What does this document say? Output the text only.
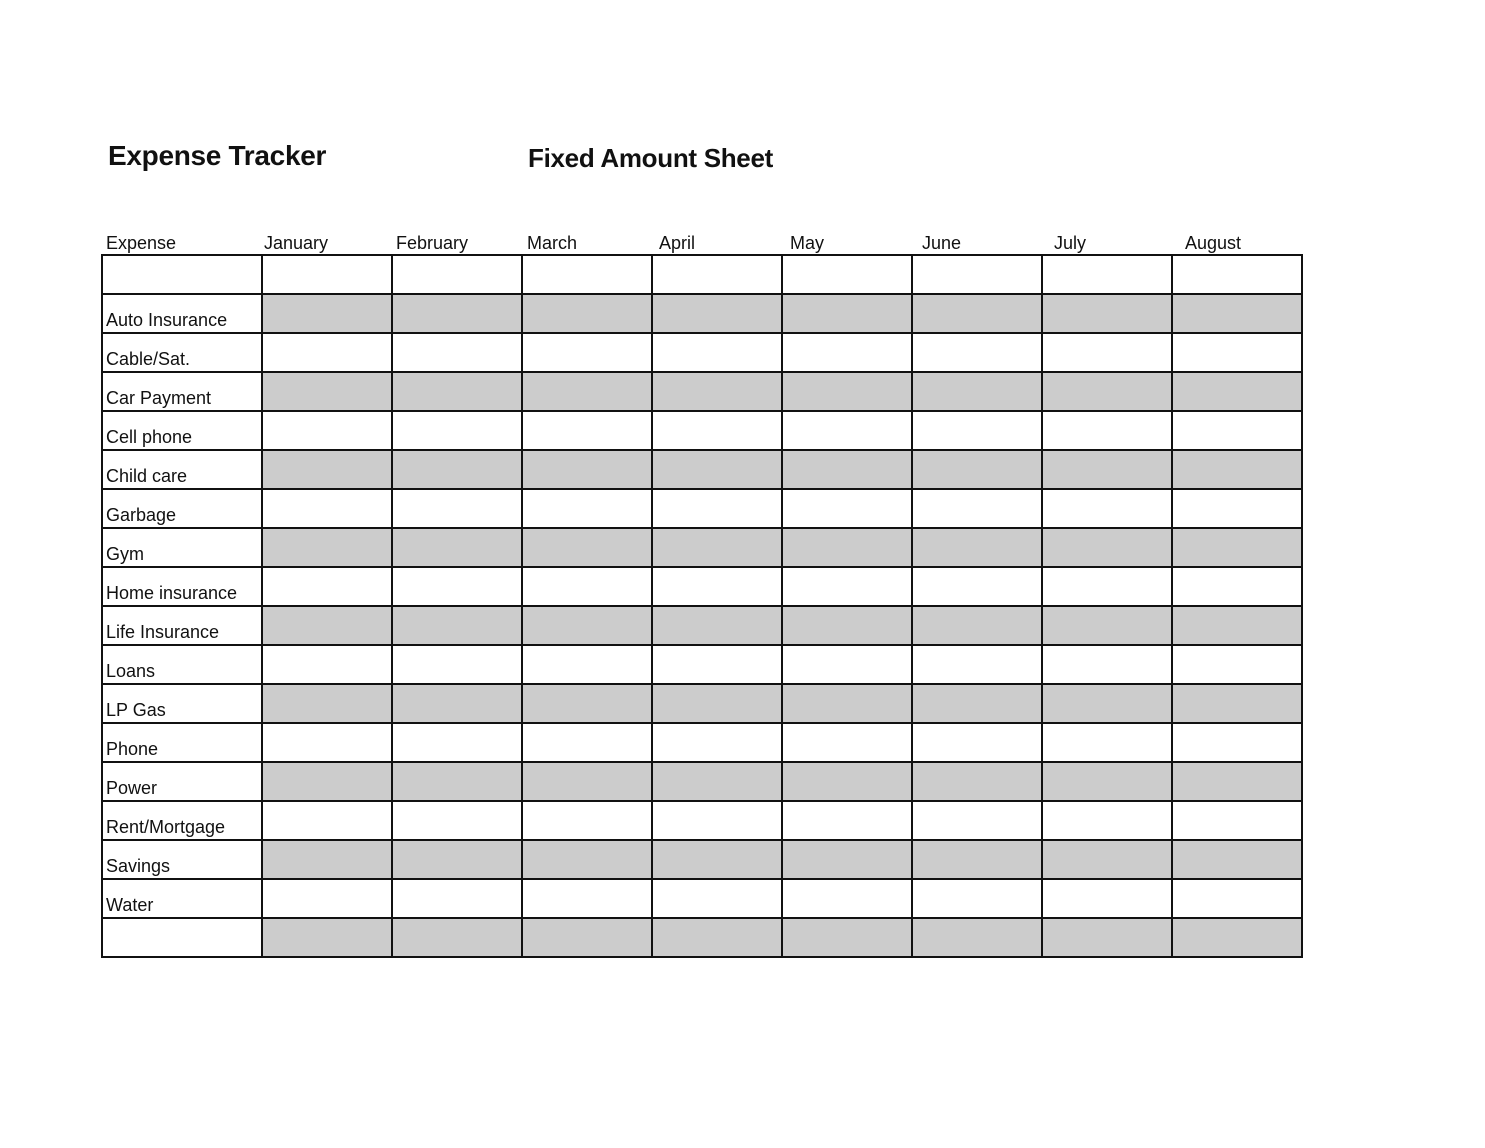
Expense Tracker	Fixed Amount Sheet
Expense	January	February	March	April	May	June	July	August

Auto Insurance								
Cable/Sat.								
Car Payment								
Cell phone								
Child care								
Garbage								
Gym								
Home insurance								
Life Insurance								
Loans								
LP Gas								
Phone								
Power								
Rent/Mortgage								
Savings								
Water								
